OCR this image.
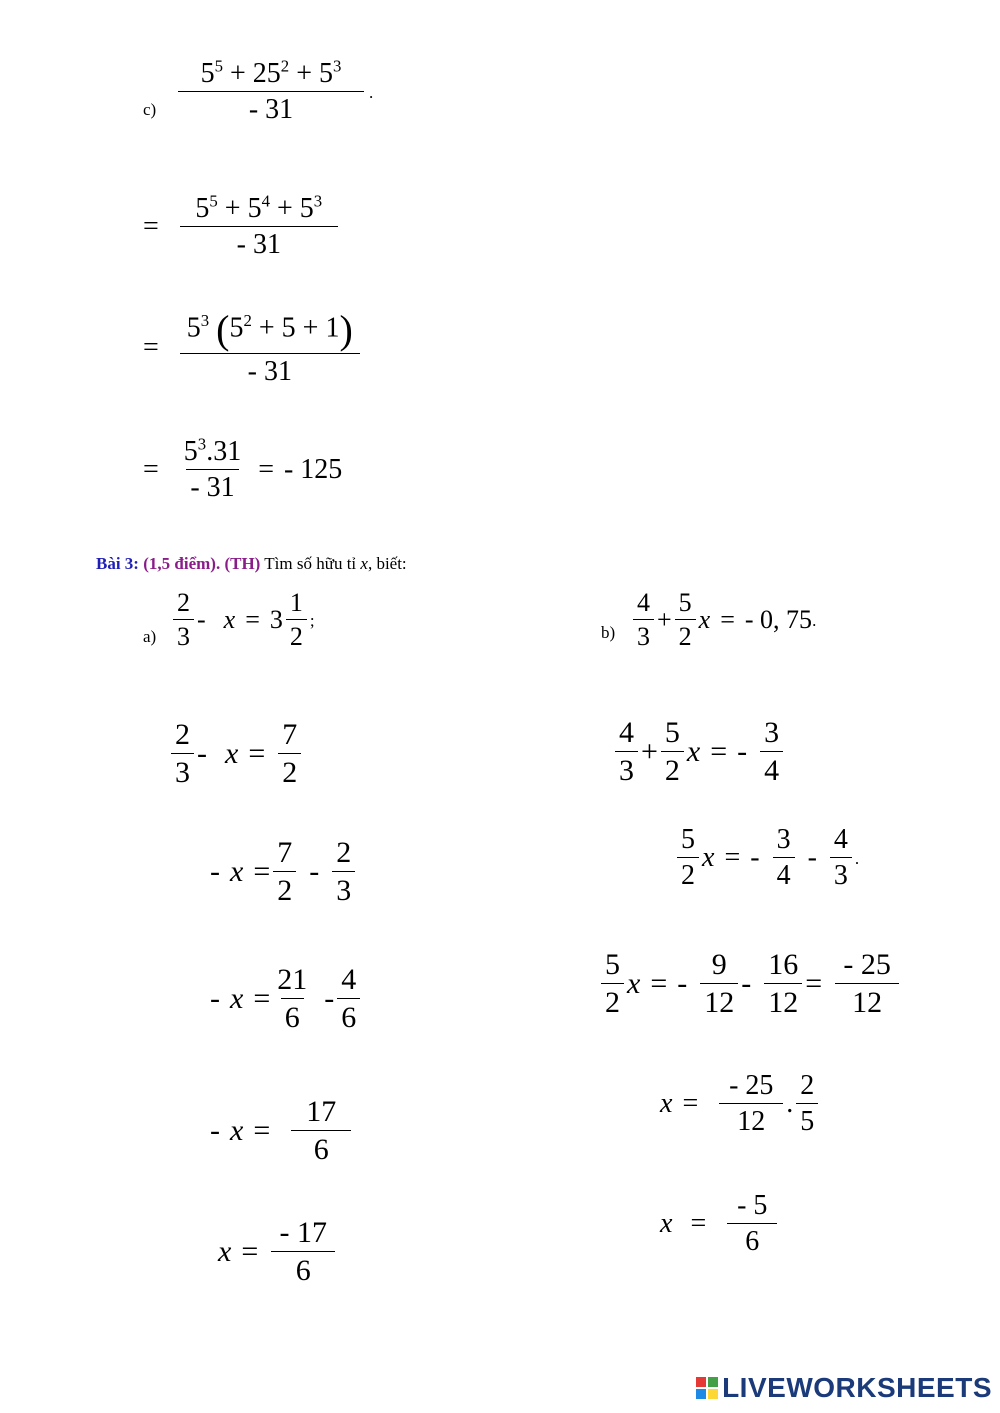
$c) \frac{5^5 + 25^2 + 5^3}{- 31}$ .
= $\frac{5^5 + 5^4 + 5^3}{- 31}$
= $\frac{5^3 (5^2 + 5 + 1)}{- 31}$
= $\frac{5^3.31}{- 31}$ = - 125
Bài 3: (1,5 điểm). (TH) Tìm số hữu tỉ x, biết:
$a) \frac{2}{3} - x = 3 \frac{1}{2}$ ;
$b) \frac{4}{3} + \frac{5}{2}$ x = - 0, 75 .
$\frac{2}{3} - x = \frac{7}{2}$
- $x = \frac{7}{2} - \frac{2}{3}$
- $x = \frac{21}{6} - \frac{4}{6}$
- $x = \frac{17}{6}$
$x = \frac{- 17}{6}$
$\frac{4}{3} + \frac{5}{2}$ x = - $\frac{3}{4}$
$\frac{5}{2}$ x = - $\frac{3}{4} - \frac{4}{3}$ .
$\frac{5}{2}$ x = - $\frac{9}{12} - \frac{16}{12} = \frac{- 25}{12}$
$x = \frac{- 25}{12}$ . $\frac{2}{5}$
$x = \frac{- 5}{6}$
LIVEWORKSHEETS
